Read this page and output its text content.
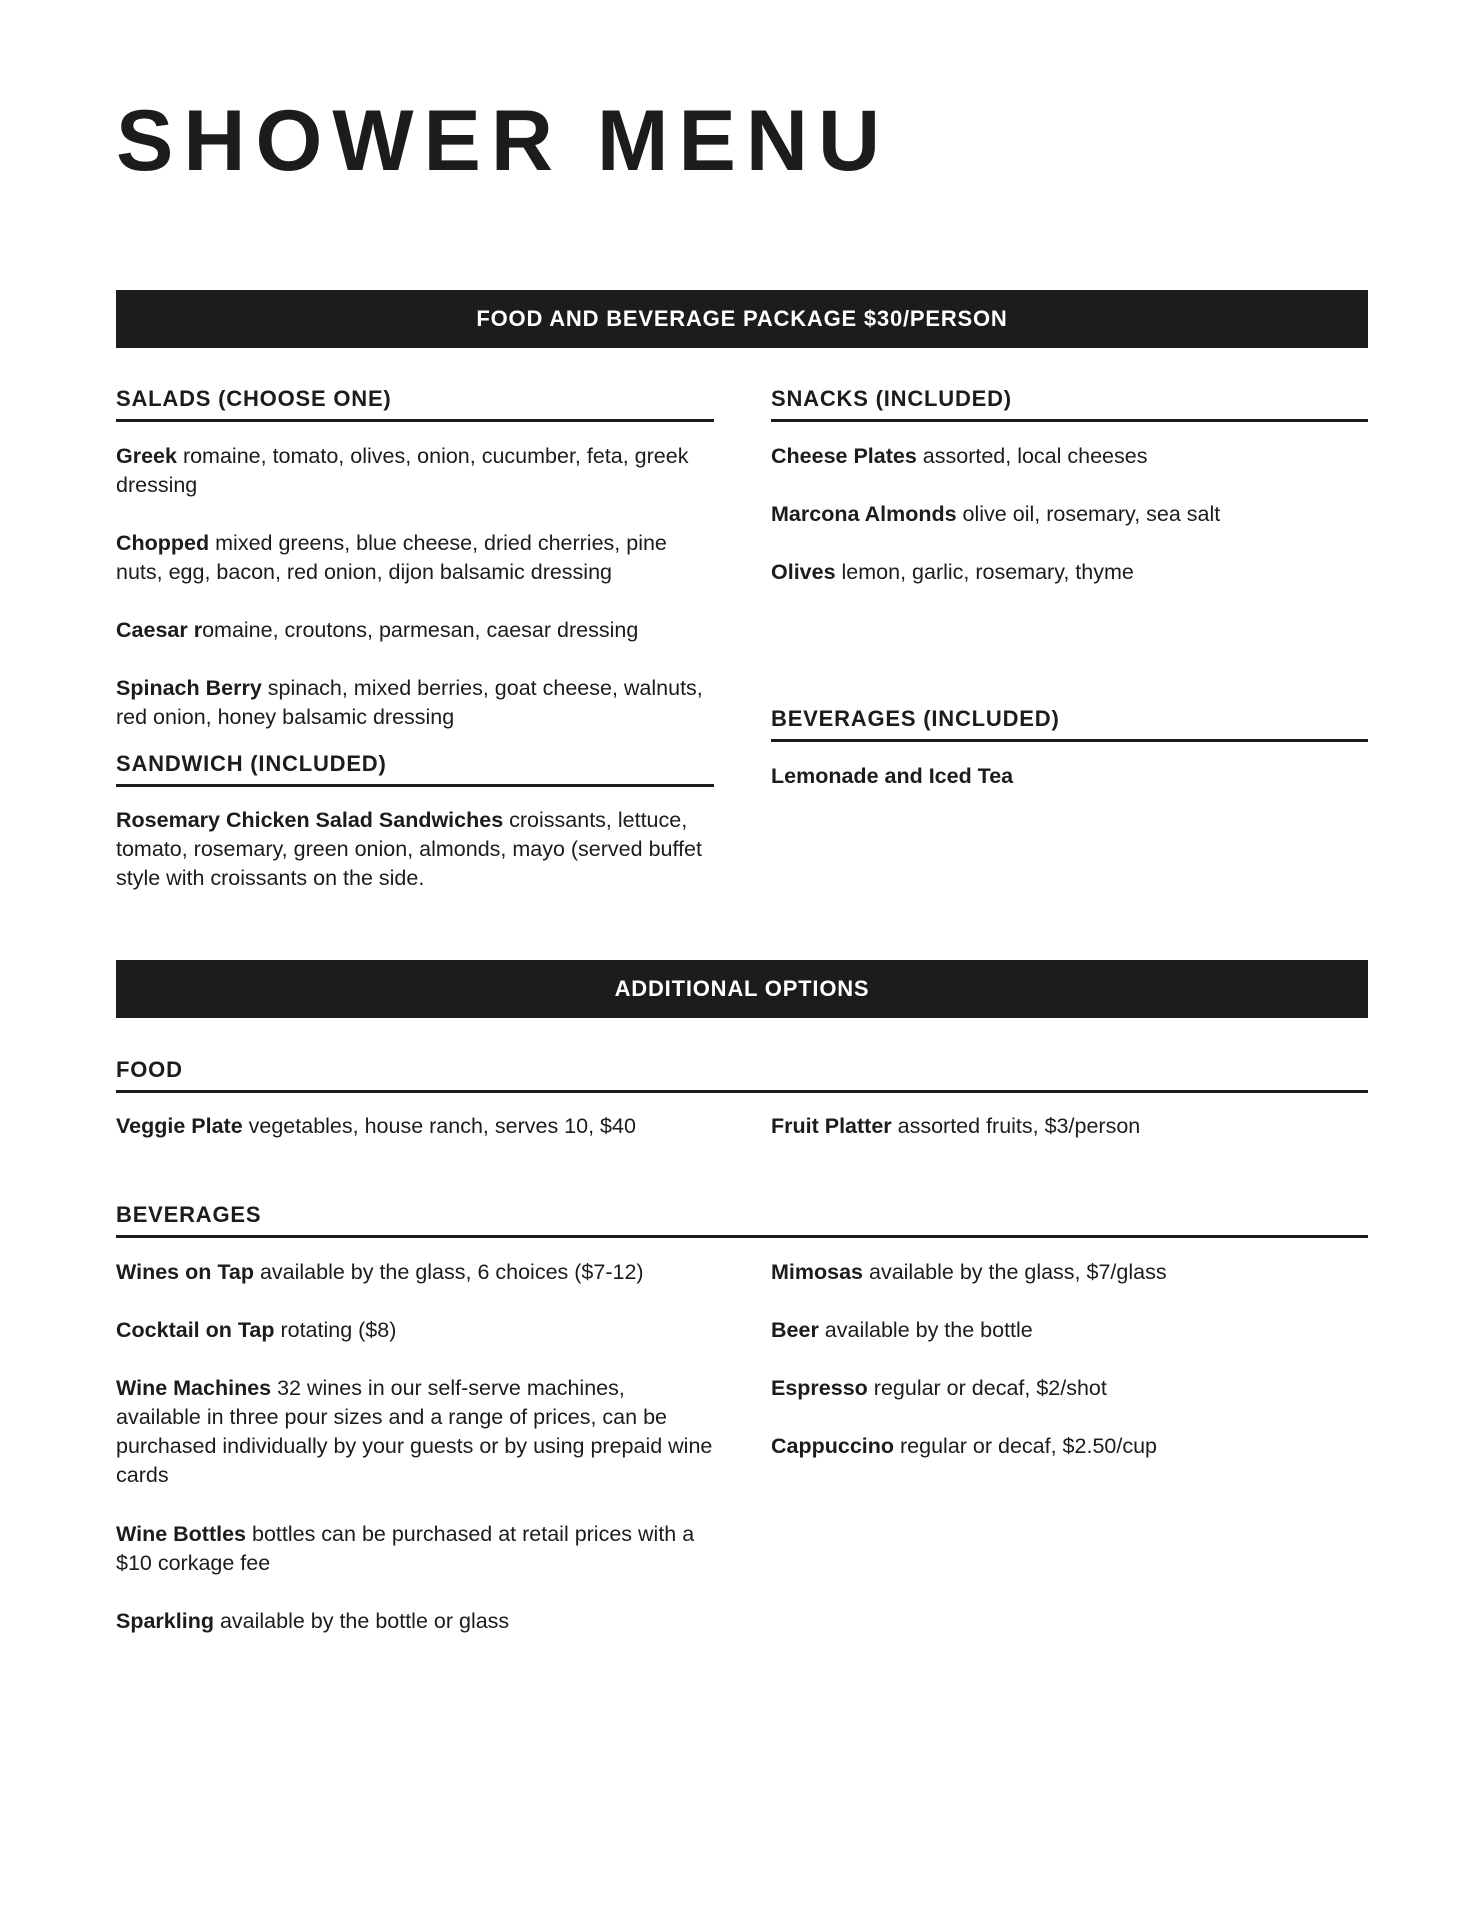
SHOWER MENU
FOOD AND BEVERAGE PACKAGE $30/PERSON
SALADS (CHOOSE ONE)
Greek romaine, tomato, olives, onion, cucumber, feta, greek dressing
Chopped mixed greens, blue cheese, dried cherries, pine nuts, egg, bacon, red onion, dijon balsamic dressing
Caesar romaine, croutons, parmesan, caesar dressing
Spinach Berry spinach, mixed berries, goat cheese, walnuts, red onion, honey balsamic dressing
SANDWICH (INCLUDED)
Rosemary Chicken Salad Sandwiches croissants, lettuce, tomato, rosemary, green onion, almonds, mayo (served buffet style with croissants on the side.
SNACKS (INCLUDED)
Cheese Plates assorted, local cheeses
Marcona Almonds olive oil, rosemary, sea salt
Olives lemon, garlic, rosemary, thyme
BEVERAGES (INCLUDED)
Lemonade and Iced Tea
ADDITIONAL OPTIONS
FOOD
Veggie Plate vegetables, house ranch, serves 10, $40	Fruit Platter assorted fruits, $3/person
BEVERAGES
Wines on Tap available by the glass, 6 choices ($7-12)
Cocktail on Tap rotating ($8)
Wine Machines 32 wines in our self-serve machines, available in three pour sizes and a range of prices, can be purchased individually by your guests or by using prepaid wine cards
Wine Bottles bottles can be purchased at retail prices with a $10 corkage fee
Sparkling available by the bottle or glass
Mimosas available by the glass, $7/glass
Beer available by the bottle
Espresso regular or decaf, $2/shot
Cappuccino regular or decaf, $2.50/cup
